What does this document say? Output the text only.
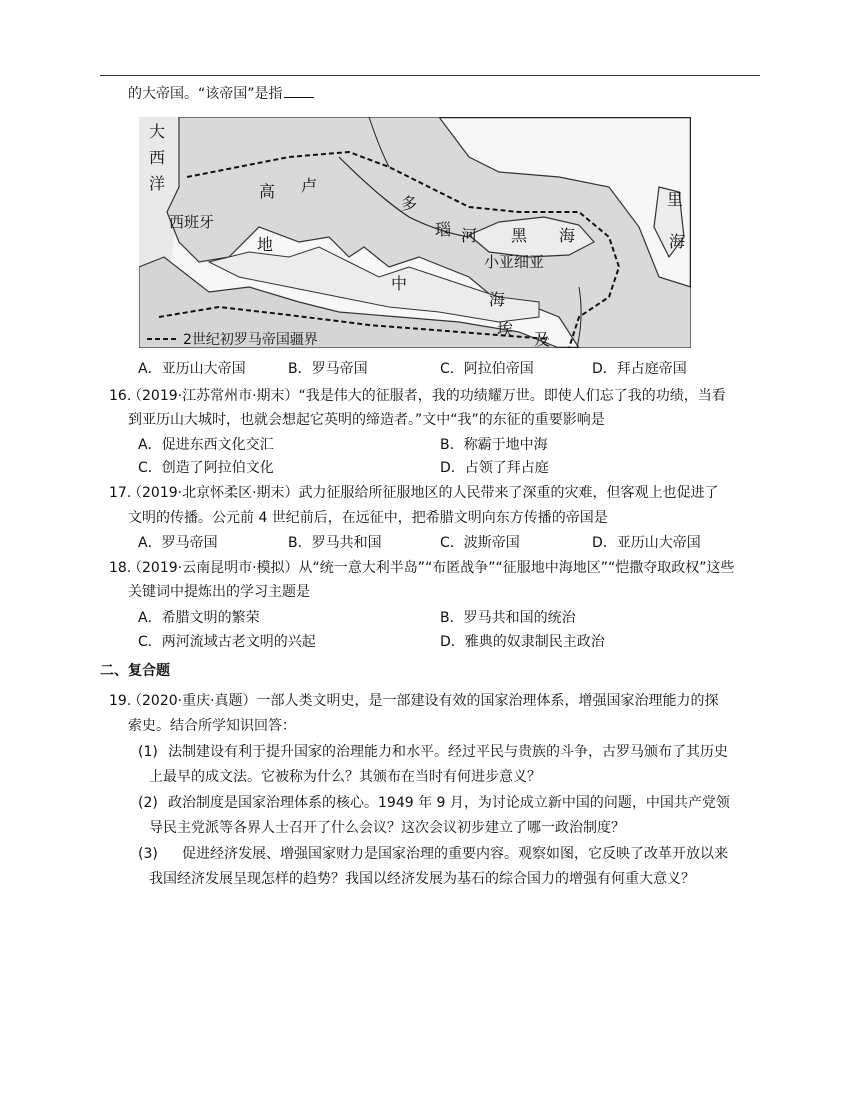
的大帝国。“该帝国”是指
大
西
洋	高 卢
西班牙
地
中
海
多
瑙 河 黑 海
小亚细亚
埃
及
里
海
2世纪初罗马帝国疆界
A．亚历山大帝国	B．罗马帝国	C．阿拉伯帝国	D．拜占庭帝国
16.
（2019·江苏常州市·期末）“我是伟大的征服者，我的功绩耀万世。即使人们忘了我的功绩，当看
到亚历山大城时，也就会想起它英明的缔造者。”文中“我”的东征的重要影响是
A．促进东西文化交汇	B．称霸于地中海
C．创造了阿拉伯文化	D．占领了拜占庭
17.
（2019·北京怀柔区·期末）武力征服给所征服地区的人民带来了深重的灾难，但客观上也促进了
文明的传播。公元前 4 世纪前后，在远征中，把希腊文明向东方传播的帝国是
A．罗马帝国	B．罗马共和国	C．波斯帝国	D．亚历山大帝国
18.
（2019·云南昆明市·模拟）从“统一意大利半岛”“布匿战争”“征服地中海地区”“恺撒夺取政权”这些
关键词中提炼出的学习主题是
A．希腊文明的繁荣	B．罗马共和国的统治
C．两河流域古老文明的兴起	D．雅典的奴隶制民主政治
二、复合题
19.
（2020·重庆·真题）一部人类文明史，是一部建设有效的国家治理体系，增强国家治理能力的探
索史。结合所学知识回答：
(1) 法制建设有利于提升国家的治理能力和水平。经过平民与贵族的斗争，古罗马颁布了其历史
上最早的成文法。它被称为什么？其颁布在当时有何进步意义？
(2) 政治制度是国家治理体系的核心。1949 年 9 月，为讨论成立新中国的问题，中国共产党领
导民主党派等各界人士召开了什么会议？这次会议初步建立了哪一政治制度？
(3) 促进经济发展、增强国家财力是国家治理的重要内容。观察如图，它反映了改革开放以来
我国经济发展呈现怎样的趋势？我国以经济发展为基石的综合国力的增强有何重大意义？
